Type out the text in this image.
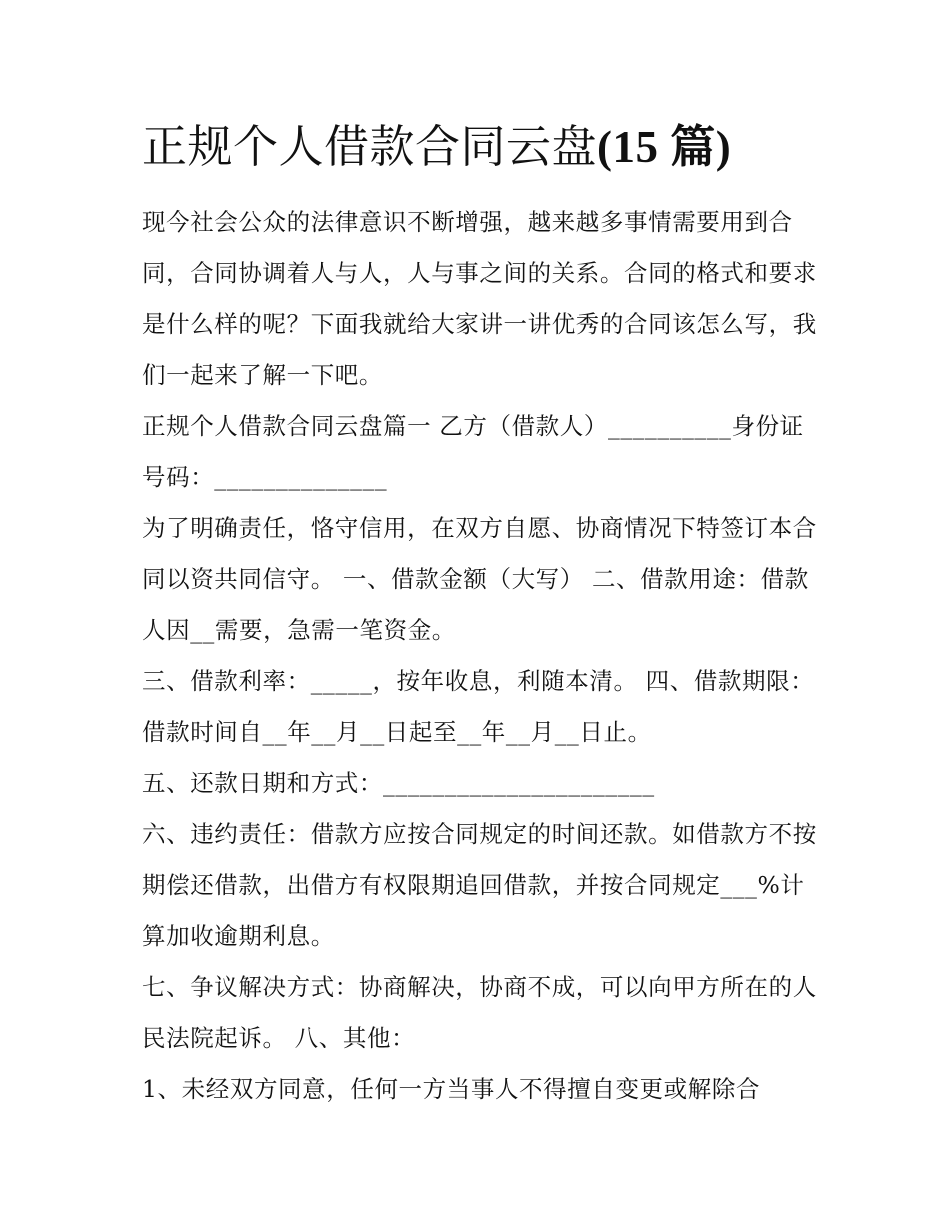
正规个人借款合同云盘(15 篇)

现今社会公众的法律意识不断增强，越来越多事情需要用到合同，合同协调着人与人，人与事之间的关系。合同的格式和要求是什么样的呢？下面我就给大家讲一讲优秀的合同该怎么写，我们一起来了解一下吧。

正规个人借款合同云盘篇一 乙方（借款人）__________身份证号码：______________

为了明确责任，恪守信用，在双方自愿、协商情况下特签订本合同以资共同信守。 一、借款金额（大写） 二、借款用途：借款人因__需要，急需一笔资金。

三、借款利率：_____，按年收息，利随本清。 四、借款期限：借款时间自__年__月__日起至__年__月__日止。

五、还款日期和方式：______________________

六、违约责任：借款方应按合同规定的时间还款。如借款方不按期偿还借款，出借方有权限期追回借款，并按合同规定___%计算加收逾期利息。

七、争议解决方式：协商解决，协商不成，可以向甲方所在的人民法院起诉。 八、其他：

1、未经双方同意，任何一方当事人不得擅自变更或解除合
